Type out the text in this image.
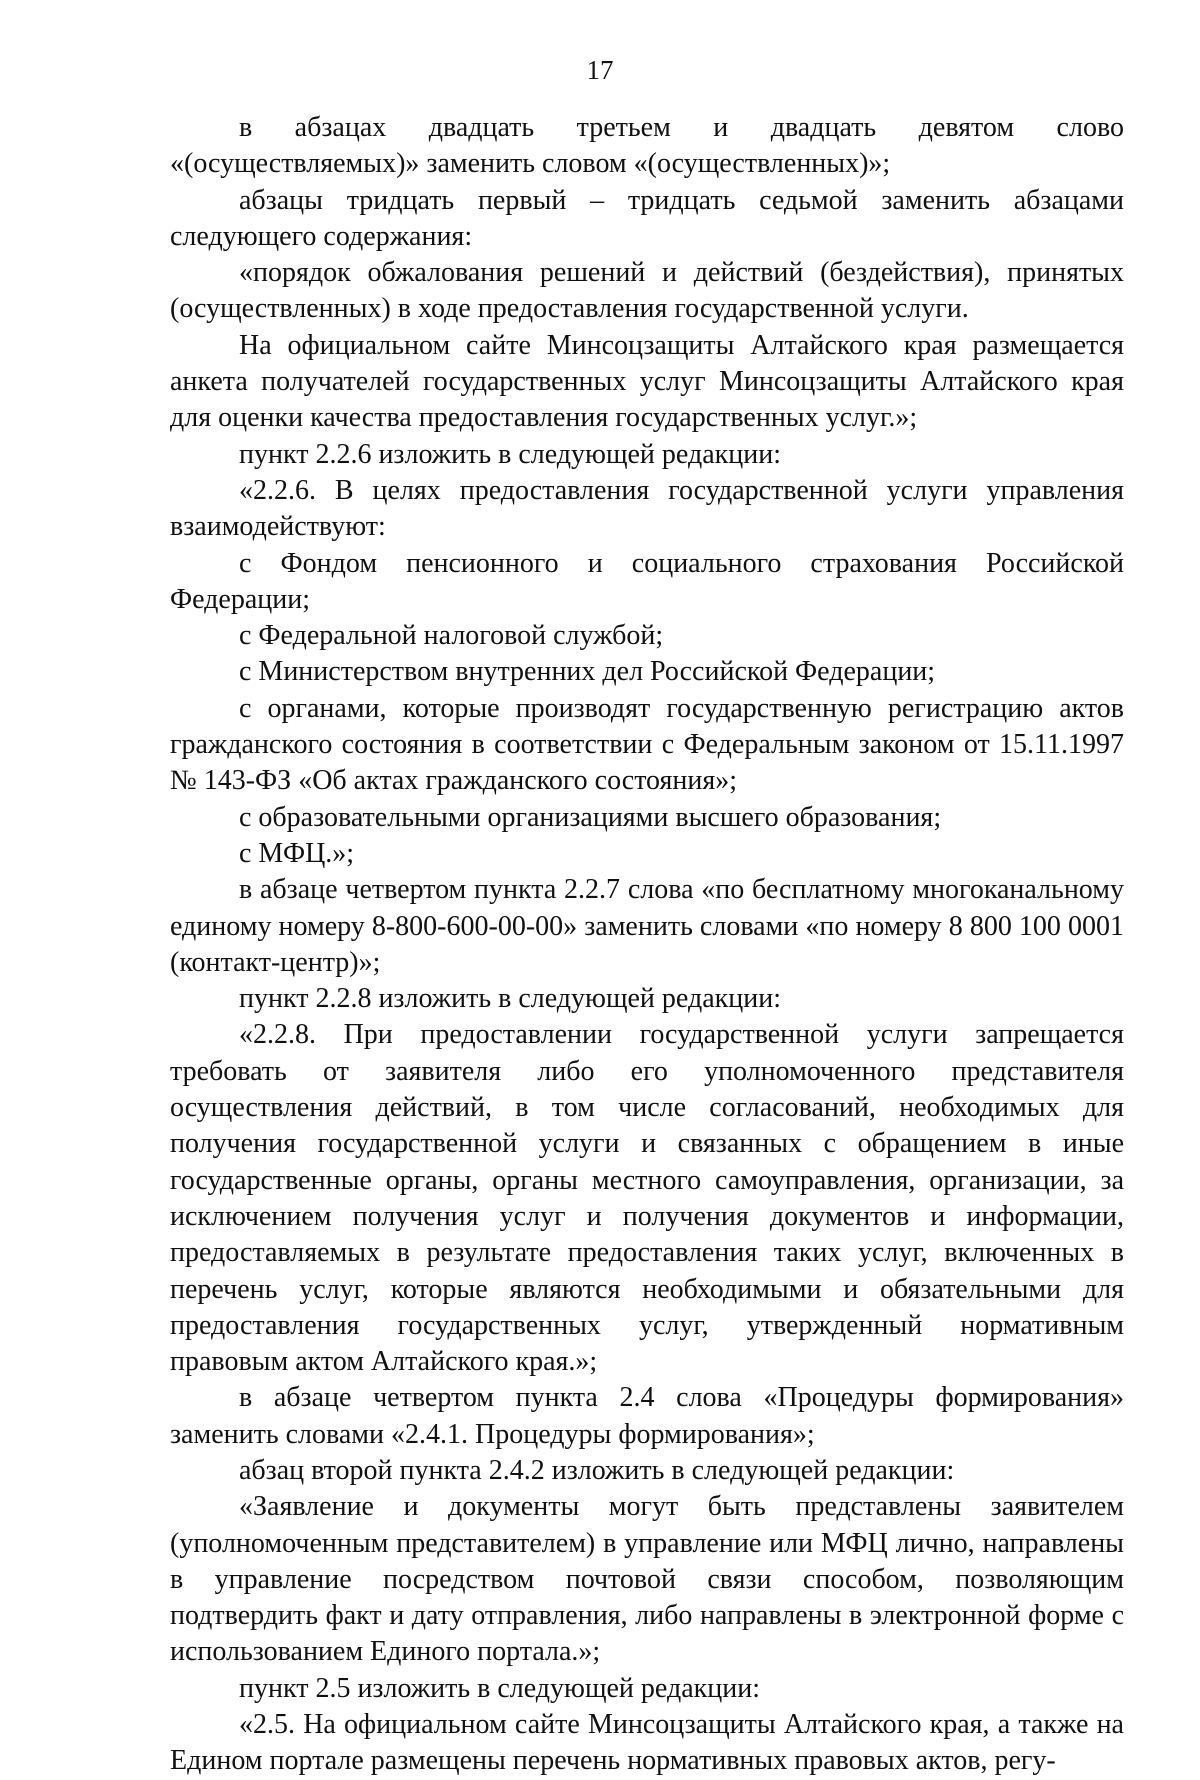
17

в абзацах двадцать третьем и двадцать девятом слово «(осуществляемых)» заменить словом «(осуществленных)»;

абзацы тридцать первый – тридцать седьмой заменить абзацами следующего содержания:

«порядок обжалования решений и действий (бездействия), принятых (осуществленных) в ходе предоставления государственной услуги.

На официальном сайте Минсоцзащиты Алтайского края размещается анкета получателей государственных услуг Минсоцзащиты Алтайского края для оценки качества предоставления государственных услуг.»;

пункт 2.2.6 изложить в следующей редакции:

«2.2.6. В целях предоставления государственной услуги управления взаимодействуют:

с Фондом пенсионного и социального страхования Российской Федерации;

с Федеральной налоговой службой;

с Министерством внутренних дел Российской Федерации;

с органами, которые производят государственную регистрацию актов гражданского состояния в соответствии с Федеральным законом от 15.11.1997 № 143-ФЗ «Об актах гражданского состояния»;

с образовательными организациями высшего образования;

с МФЦ.»;

в абзаце четвертом пункта 2.2.7 слова «по бесплатному многоканальному единому номеру 8-800-600-00-00» заменить словами «по номеру 8 800 100 0001 (контакт-центр)»;

пункт 2.2.8 изложить в следующей редакции:

«2.2.8. При предоставлении государственной услуги запрещается требовать от заявителя либо его уполномоченного представителя осуществления действий, в том числе согласований, необходимых для получения государственной услуги и связанных с обращением в иные государственные органы, органы местного самоуправления, организации, за исключением получения услуг и получения документов и информации, предоставляемых в результате предоставления таких услуг, включенных в перечень услуг, которые являются необходимыми и обязательными для предоставления государственных услуг, утвержденный нормативным правовым актом Алтайского края.»;

в абзаце четвертом пункта 2.4 слова «Процедуры формирования» заменить словами «2.4.1. Процедуры формирования»;

абзац второй пункта 2.4.2 изложить в следующей редакции:

«Заявление и документы могут быть представлены заявителем (уполномоченным представителем) в управление или МФЦ лично, направлены в управление посредством почтовой связи способом, позволяющим подтвердить факт и дату отправления, либо направлены в электронной форме с использованием Единого портала.»;

пункт 2.5 изложить в следующей редакции:

«2.5. На официальном сайте Минсоцзащиты Алтайского края, а также на Едином портале размещены перечень нормативных правовых актов, регу-
